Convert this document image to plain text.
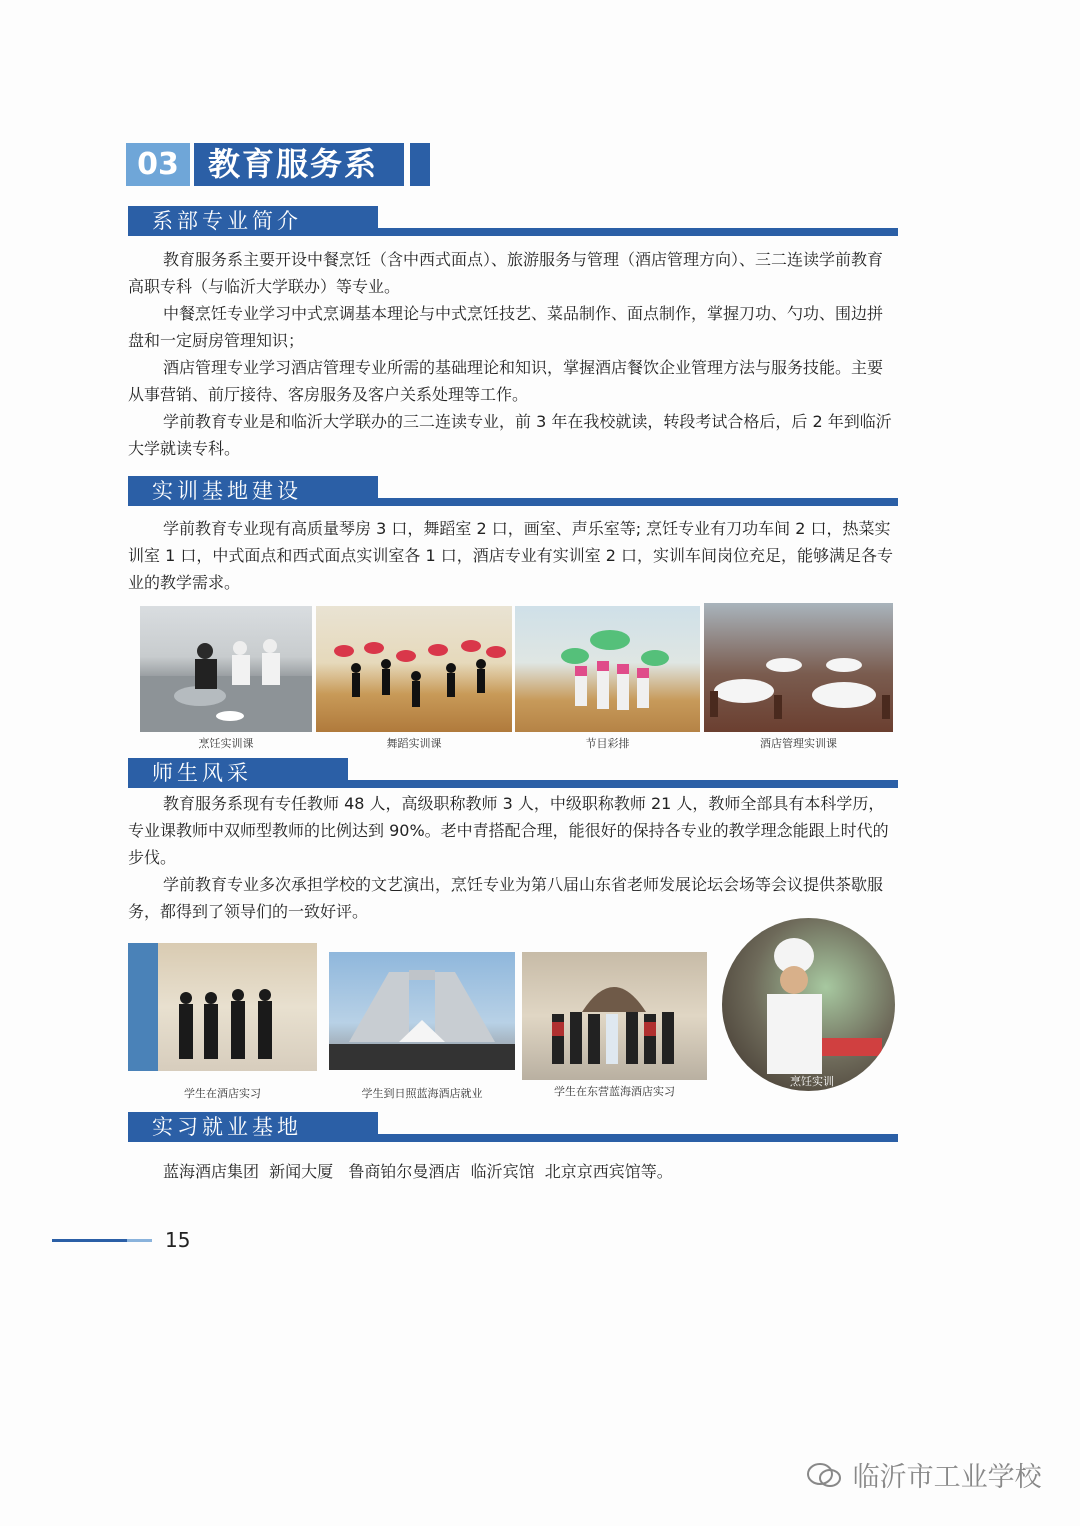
03 教育服务系
系部专业简介

教育服务系主要开设中餐烹饪（含中西式面点）、旅游服务与管理（酒店管理方向）、三二连读学前教育高职专科（与临沂大学联办）等专业。

中餐烹饪专业学习中式烹调基本理论与中式烹饪技艺、菜品制作、面点制作，掌握刀功、勺功、围边拼盘和一定厨房管理知识；

酒店管理专业学习酒店管理专业所需的基础理论和知识，掌握酒店餐饮企业管理方法与服务技能。主要从事营销、前厅接待、客房服务及客户关系处理等工作。

学前教育专业是和临沂大学联办的三二连读专业，前 3 年在我校就读，转段考试合格后，后 2 年到临沂大学就读专科。

实训基地建设

学前教育专业现有高质量琴房 3 口，舞蹈室 2 口，画室、声乐室等; 烹饪专业有刀功车间 2 口，热菜实训室 1 口，中式面点和西式面点实训室各 1 口，酒店专业有实训室 2 口，实训车间岗位充足，能够满足各专业的教学需求。

烹饪实训课	舞蹈实训课	节目彩排	酒店管理实训课
师生风采

教育服务系现有专任教师 48 人，高级职称教师 3 人，中级职称教师 21 人，教师全部具有本科学历，专业课教师中双师型教师的比例达到 90%。老中青搭配合理，能很好的保持各专业的教学理念能跟上时代的步伐。

学前教育专业多次承担学校的文艺演出，烹饪专业为第八届山东省老师发展论坛会场等会议提供茶歇服务，都得到了领导们的一致好评。

学生在酒店实习	学生到日照蓝海酒店就业	学生在东营蓝海酒店实习
烹饪实训
实习就业基地

蓝海酒店集团  新闻大厦   鲁商铂尔曼酒店  临沂宾馆  北京京西宾馆等。

15
临沂市工业学校
